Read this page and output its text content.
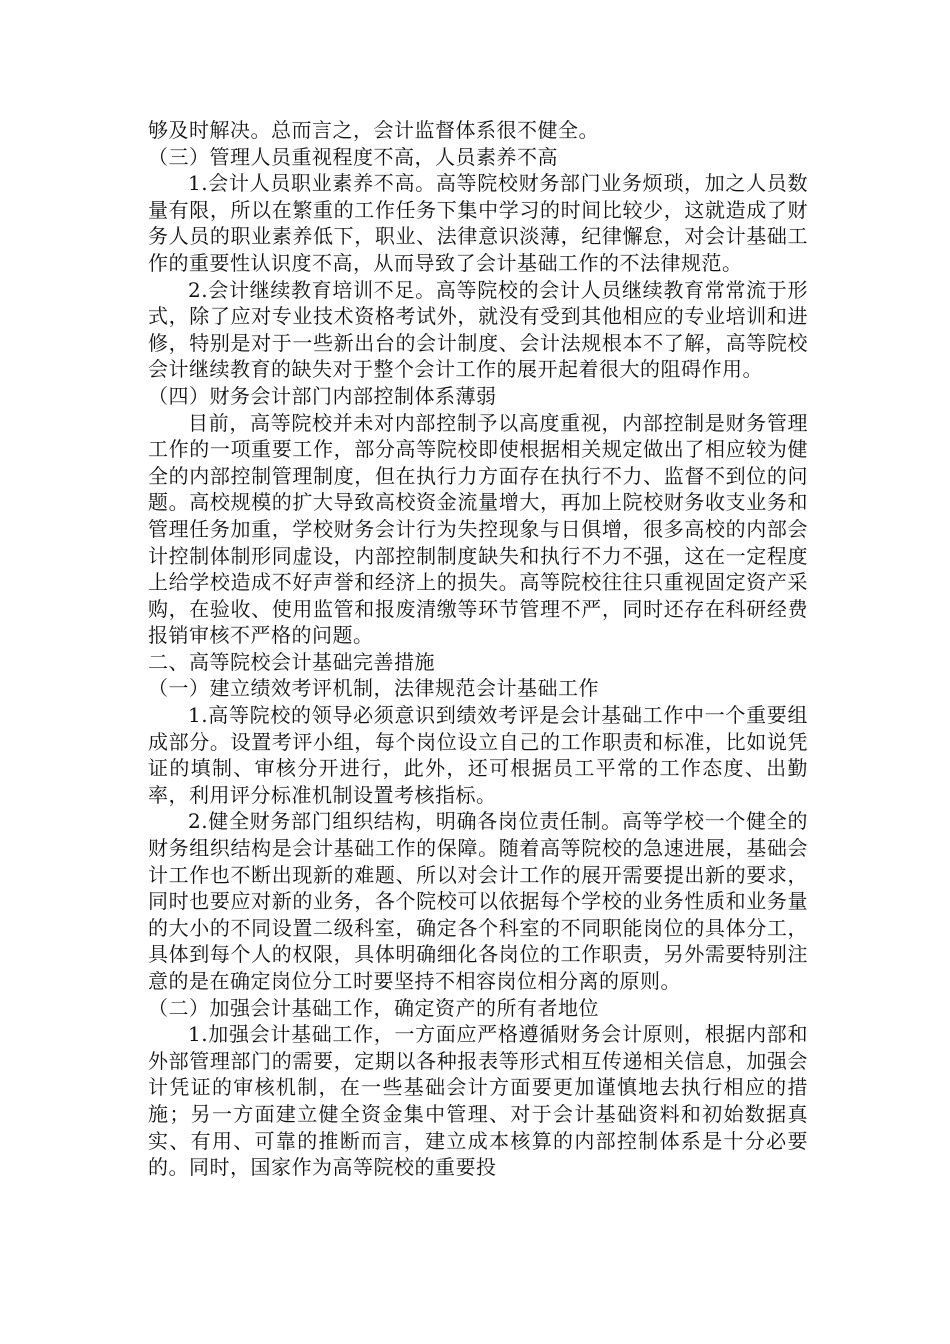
够及时解决。总而言之，会计监督体系很不健全。

（三）管理人员重视程度不高，人员素养不高

1.会计人员职业素养不高。高等院校财务部门业务烦琐，加之人员数量有限，所以在繁重的工作任务下集中学习的时间比较少，这就造成了财务人员的职业素养低下，职业、法律意识淡薄，纪律懈怠，对会计基础工作的重要性认识度不高，从而导致了会计基础工作的不法律规范。

2.会计继续教育培训不足。高等院校的会计人员继续教育常常流于形式，除了应对专业技术资格考试外，就没有受到其他相应的专业培训和进修，特别是对于一些新出台的会计制度、会计法规根本不了解，高等院校会计继续教育的缺失对于整个会计工作的展开起着很大的阻碍作用。

（四）财务会计部门内部控制体系薄弱

目前，高等院校并未对内部控制予以高度重视，内部控制是财务管理工作的一项重要工作，部分高等院校即使根据相关规定做出了相应较为健全的内部控制管理制度，但在执行力方面存在执行不力、监督不到位的问题。高校规模的扩大导致高校资金流量增大，再加上院校财务收支业务和管理任务加重，学校财务会计行为失控现象与日俱增，很多高校的内部会计控制体制形同虚设，内部控制制度缺失和执行不力不强，这在一定程度上给学校造成不好声誉和经济上的损失。高等院校往往只重视固定资产采购，在验收、使用监管和报废清缴等环节管理不严，同时还存在科研经费报销审核不严格的问题。

二、高等院校会计基础完善措施

（一）建立绩效考评机制，法律规范会计基础工作

1.高等院校的领导必须意识到绩效考评是会计基础工作中一个重要组成部分。设置考评小组，每个岗位设立自己的工作职责和标准，比如说凭证的填制、审核分开进行，此外，还可根据员工平常的工作态度、出勤率，利用评分标准机制设置考核指标。

2.健全财务部门组织结构，明确各岗位责任制。高等学校一个健全的财务组织结构是会计基础工作的保障。随着高等院校的急速进展，基础会计工作也不断出现新的难题、所以对会计工作的展开需要提出新的要求，同时也要应对新的业务，各个院校可以依据每个学校的业务性质和业务量的大小的不同设置二级科室，确定各个科室的不同职能岗位的具体分工，具体到每个人的权限，具体明确细化各岗位的工作职责，另外需要特别注意的是在确定岗位分工时要坚持不相容岗位相分离的原则。

（二）加强会计基础工作，确定资产的所有者地位

1.加强会计基础工作，一方面应严格遵循财务会计原则，根据内部和外部管理部门的需要，定期以各种报表等形式相互传递相关信息，加强会计凭证的审核机制，在一些基础会计方面要更加谨慎地去执行相应的措施；另一方面建立健全资金集中管理、对于会计基础资料和初始数据真实、有用、可靠的推断而言，建立成本核算的内部控制体系是十分必要的。同时，国家作为高等院校的重要投
